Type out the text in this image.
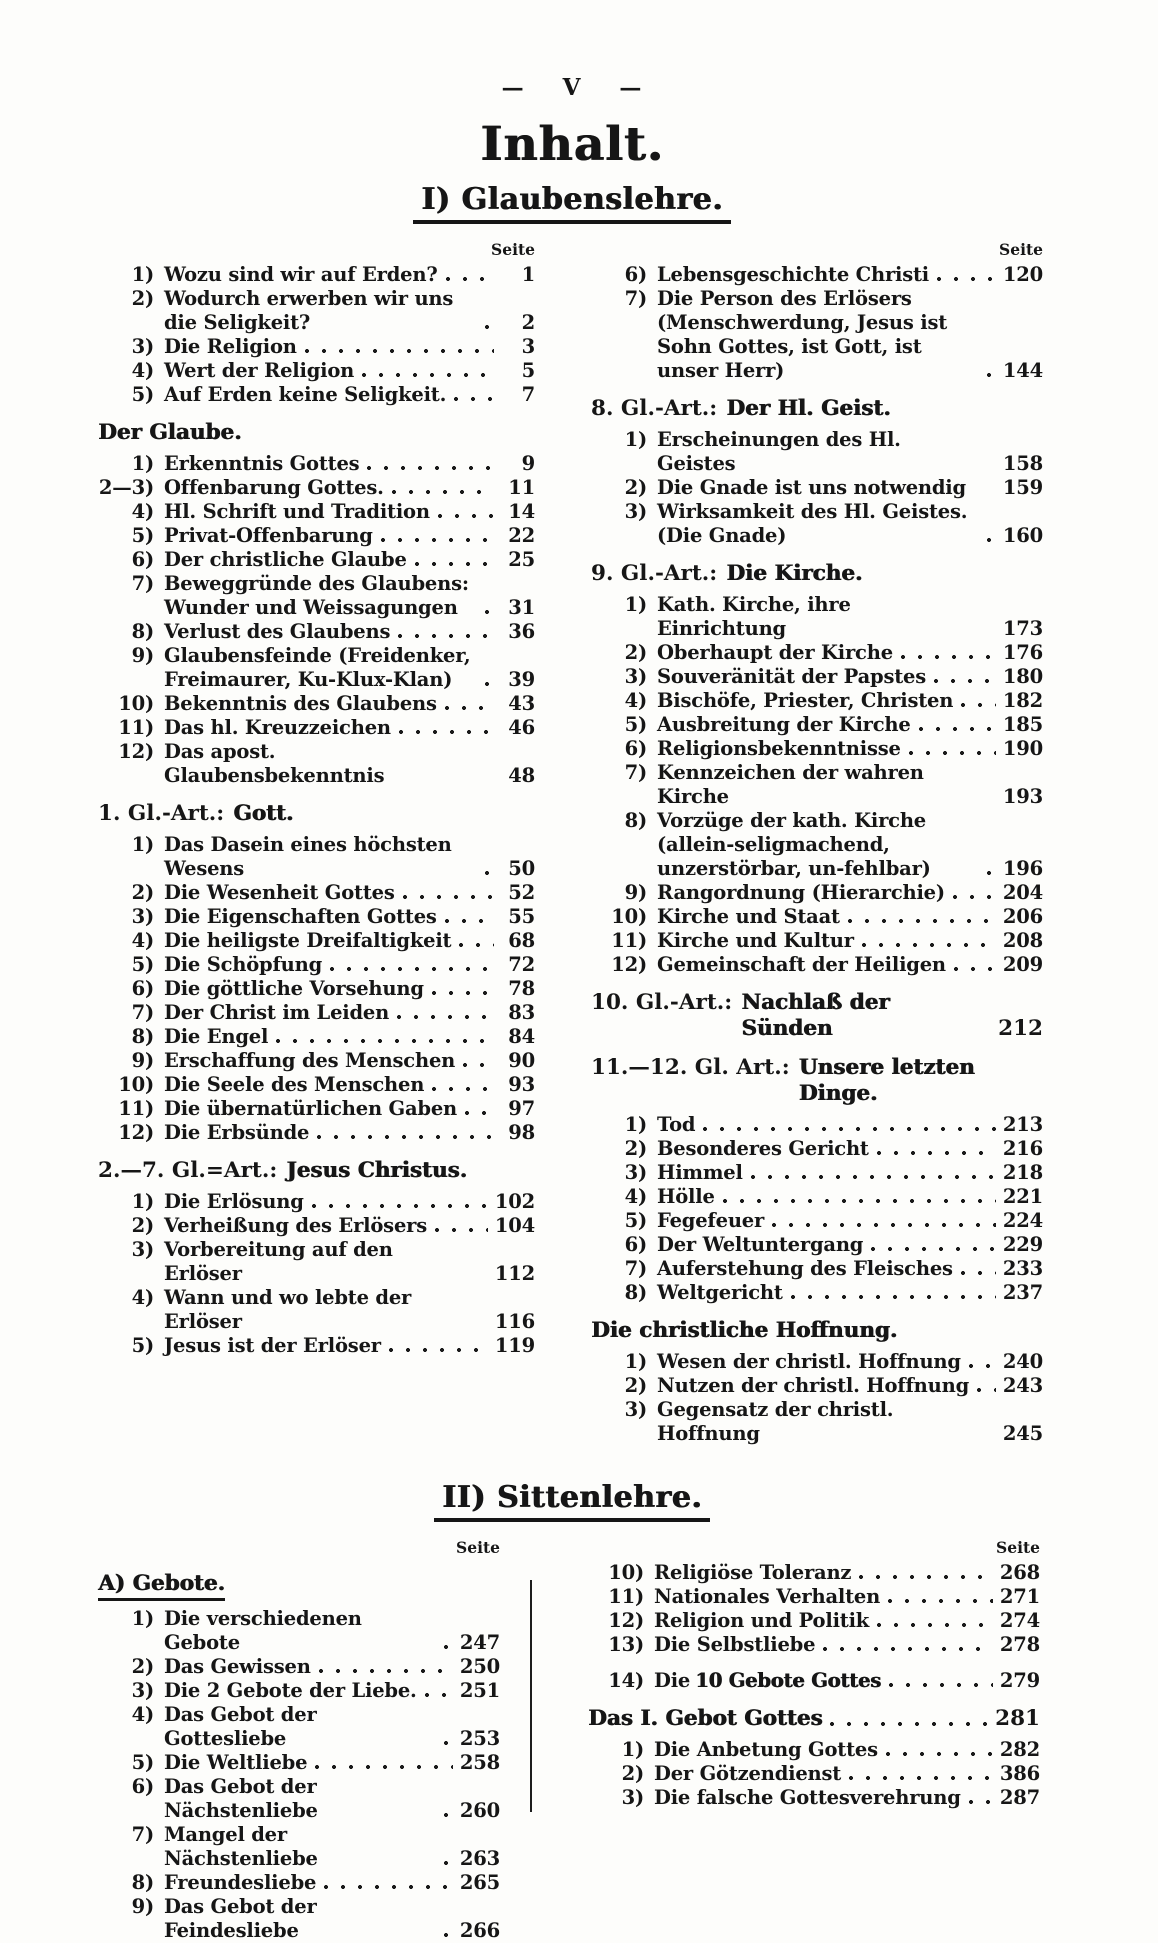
— V —
Inhalt.
I) Glaubenslehre.
Seite
1) Wozu sind wir auf Erden?	1
2) Wodurch erwerben wir uns die Seligkeit?	2
3) Die Religion	3
4) Wert der Religion	5
5) Auf Erden keine Seligkeit.	7
Der Glaube.
1) Erkenntnis Gottes	9
2—3) Offenbarung Gottes.	11
4) Hl. Schrift und Tradition	14
5) Privat-Offenbarung	22
6) Der christliche Glaube	25
7) Beweggründe des Glaubens: Wunder und Weissagungen	31
8) Verlust des Glaubens	36
9) Glaubensfeinde (Freidenker, Freimaurer, Ku-Klux-Klan)	39
10) Bekenntnis des Glaubens	43
11) Das hl. Kreuzzeichen	46
12) Das apost. Glaubensbekenntnis	48
1. Gl.-Art.: Gott.
1) Das Dasein eines höchsten Wesens	50
2) Die Wesenheit Gottes	52
3) Die Eigenschaften Gottes	55
4) Die heiligste Dreifaltigkeit	68
5) Die Schöpfung	72
6) Die göttliche Vorsehung	78
7) Der Christ im Leiden	83
8) Die Engel	84
9) Erschaffung des Menschen	90
10) Die Seele des Menschen	93
11) Die übernatürlichen Gaben	97
12) Die Erbsünde	98
2.—7. Gl.=Art.: Jesus Christus.
1) Die Erlösung	102
2) Verheißung des Erlösers	104
3) Vorbereitung auf den Erlöser	112
4) Wann und wo lebte der Erlöser	116
5) Jesus ist der Erlöser	119
Seite
6) Lebensgeschichte Christi	120
7) Die Person des Erlösers (Menschwerdung, Jesus ist Sohn Gottes, ist Gott, ist unser Herr)	144
8. Gl.-Art.: Der Hl. Geist.
1) Erscheinungen des Hl. Geistes	158
2) Die Gnade ist uns notwendig 159
3) Wirksamkeit des Hl. Geistes. (Die Gnade)	160
9. Gl.-Art.: Die Kirche.
1) Kath. Kirche, ihre Einrichtung	173
2) Oberhaupt der Kirche	176
3) Souveränität der Papstes	180
4) Bischöfe, Priester, Christen	182
5) Ausbreitung der Kirche	185
6) Religionsbekenntnisse	190
7) Kennzeichen der wahren Kirche	193
8) Vorzüge der kath. Kirche (allein-seligmachend, unzerstörbar, un-fehlbar)	196
9) Rangordnung (Hierarchie)	204
10) Kirche und Staat	206
11) Kirche und Kultur	208
12) Gemeinschaft der Heiligen	209
10. Gl.-Art.: Nachlaß der Sünden	212
11.—12. Gl. Art.: Unsere letzten Dinge.
1) Tod	213
2) Besonderes Gericht	216
3) Himmel	218
4) Hölle	221
5) Fegefeuer	224
6) Der Weltuntergang	229
7) Auferstehung des Fleisches	233
8) Weltgericht	237
Die christliche Hoffnung.
1) Wesen der christl. Hoffnung 240
2) Nutzen der christl. Hoffnung 243
3) Gegensatz der christl. Hoffnung	245
II) Sittenlehre.
Seite
A) Gebote.
1) Die verschiedenen Gebote	247
2) Das Gewissen	250
3) Die 2 Gebote der Liebe. 251
4) Das Gebot der Gottesliebe	253
5) Die Weltliebe	258
6) Das Gebot der Nächstenliebe	260
7) Mangel der Nächstenliebe	263
8) Freundesliebe	265
9) Das Gebot der Feindesliebe	266
Seite
10) Religiöse Toleranz	268
11) Nationales Verhalten	271
12) Religion und Politik	274
13) Die Selbstliebe	278
14) Die 10 Gebote Gottes	279
Das I. Gebot Gottes	281
1) Die Anbetung Gottes	282
2) Der Götzendienst	386
3) Die falsche Gottesverehrung 287
